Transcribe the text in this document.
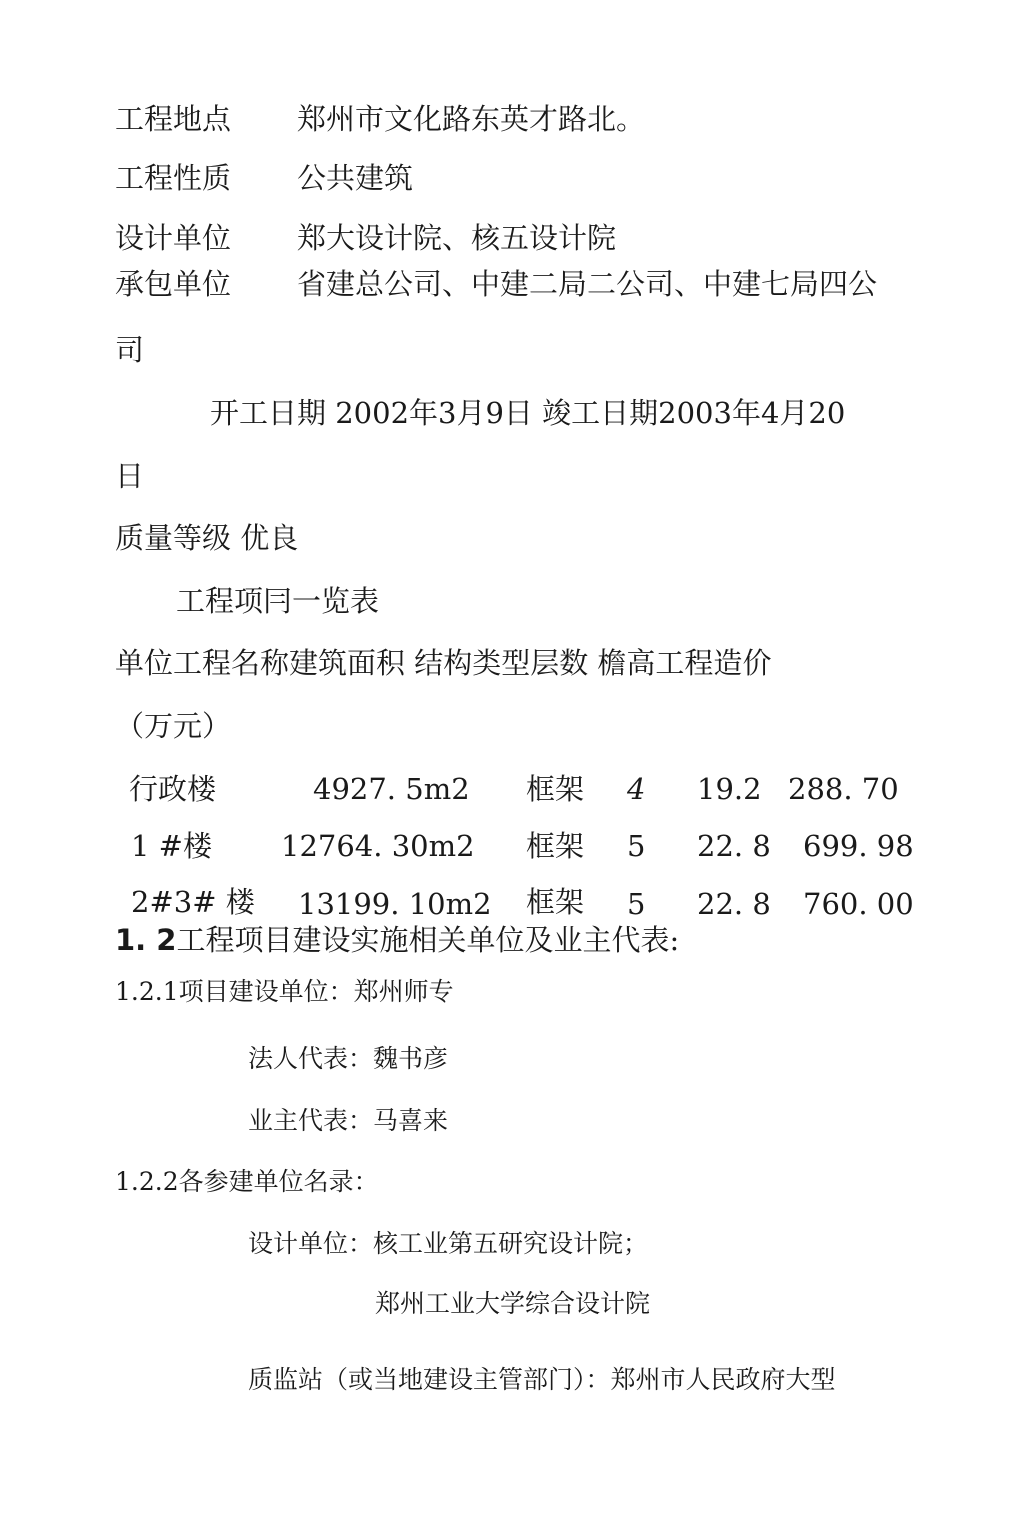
工程地点 郑州市文化路东英才路北。
工程性质 公共建筑
设计单位 郑大设计院、核五设计院
承包单位 省建总公司、中建二局二公司、中建七局四公
司
开工日期 2002年3月9日 竣工日期2003年4月20
日
质量等级 优良
工程项冃一览表
单位工程名称建筑面积 结构类型层数 檐高工程造价
（万元）
行政楼	4927. 5m2 框架 4 19.2 288. 70
1 #楼 12764. 30m2 框架 5 22. 8 699. 98
2#3# 楼 13199. 10m2 框架 5 22. 8 760. 00
1. 2工程项目建设实施相关单位及业主代表:
1.2.1项目建设单位：郑州师专
法人代表：魏书彦
业主代表：马喜来
1.2.2各参建单位名录：
设计单位：核工业第五研究设计院；
郑州工业大学综合设计院
质监站（或当地建设主管部门）：郑州市人民政府大型
